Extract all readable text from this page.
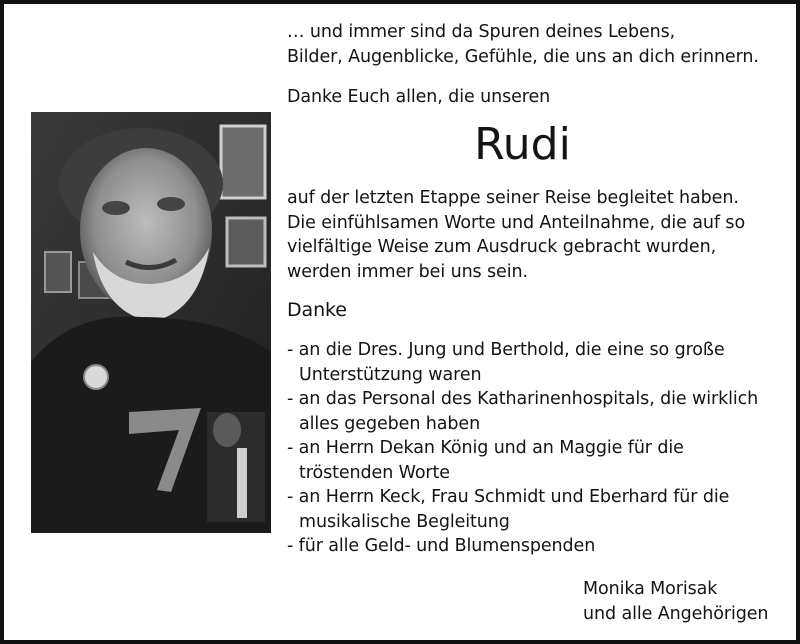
… und immer sind da Spuren deines Lebens,
Bilder, Augenblicke, Gefühle, die uns an dich erinnern.
Danke Euch allen, die unseren
Rudi
auf der letzten Etappe seiner Reise begleitet haben.
Die einfühlsamen Worte und Anteilnahme, die auf so
vielfältige Weise zum Ausdruck gebracht wurden,
werden immer bei uns sein.
Danke
- an die Dres. Jung und Berthold, die eine so große
Unterstützung waren
- an das Personal des Katharinenhospitals, die wirklich
alles gegeben haben
- an Herrn Dekan König und an Maggie für die
tröstenden Worte
- an Herrn Keck, Frau Schmidt und Eberhard für die
musikalische Begleitung
- für alle Geld- und Blumenspenden
Monika Morisak
und alle Angehörigen
